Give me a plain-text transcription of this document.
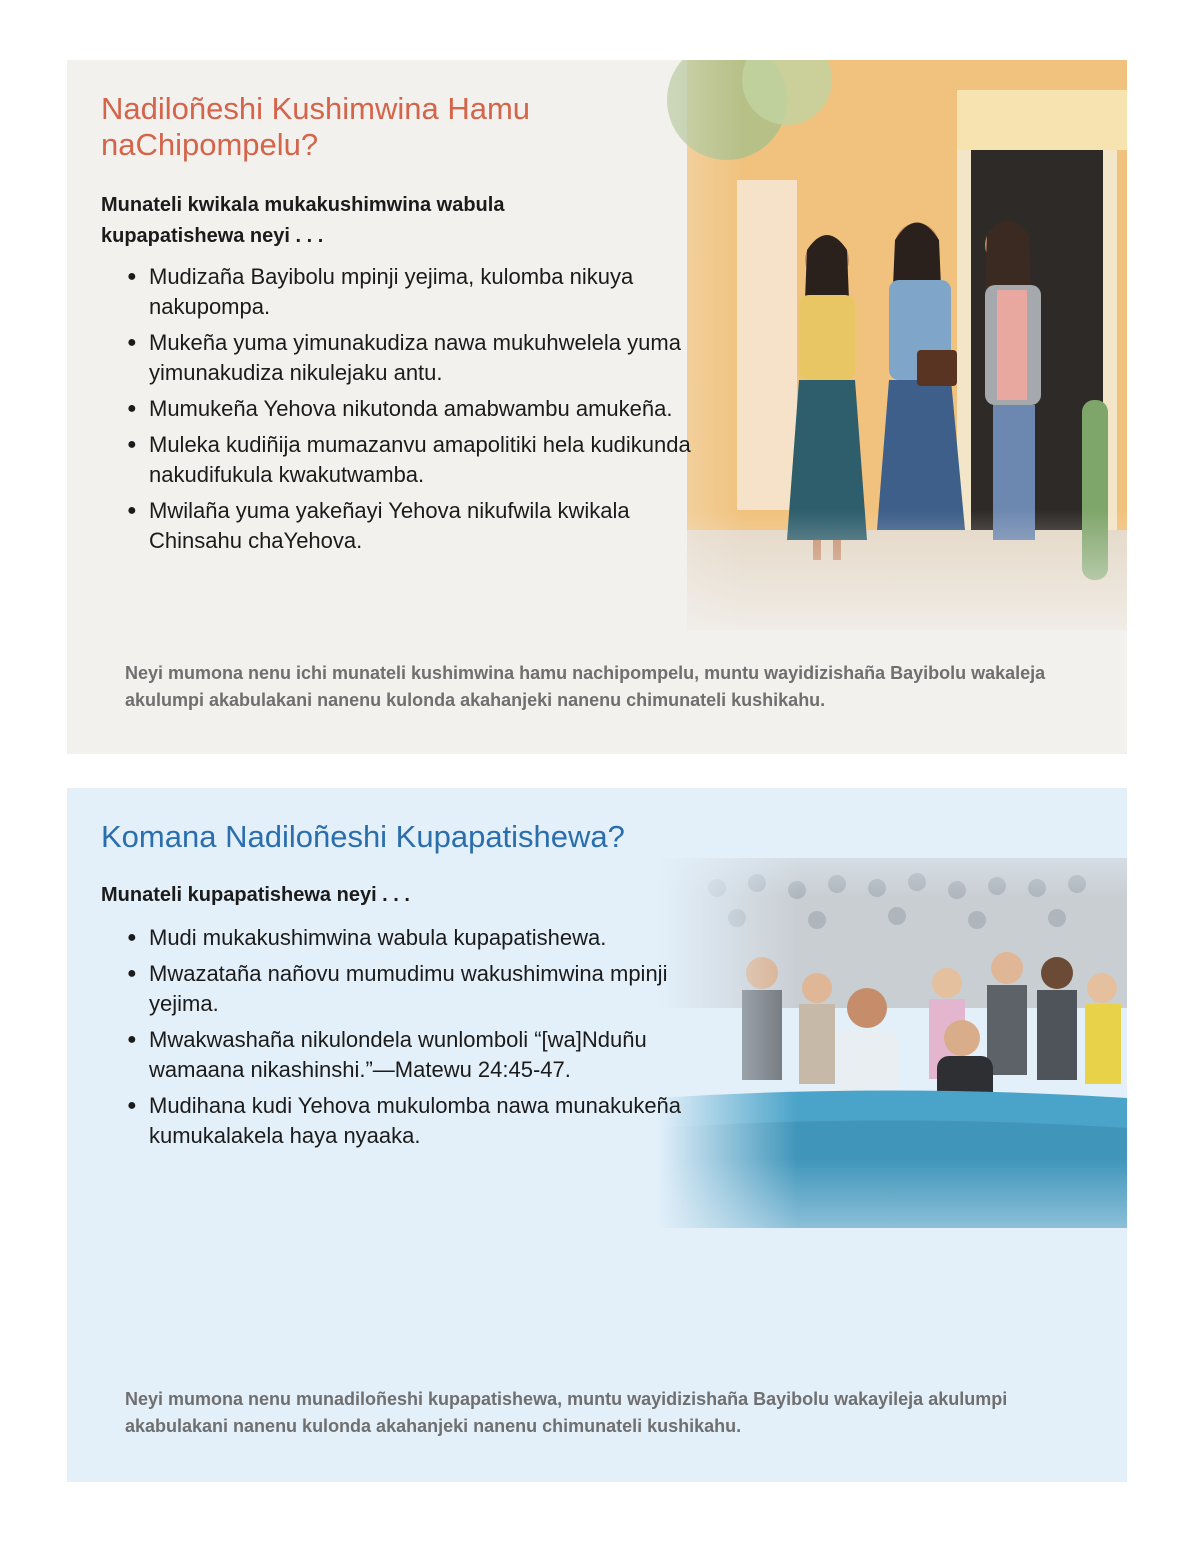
Nadiloñeshi Kushimwina Hamu naChipompelu?

Munateli kwikala mukakushimwina wabula kupapatishewa neyi . . .

● Mudizaña Bayibolu mpinji yejima, kulomba nikuya nakupompa.
● Mukeña yuma yimunakudiza nawa mukuhwelela yuma yimunakudiza nikulejaku antu.
● Mumukeña Yehova nikutonda amabwambu amukeña.
● Muleka kudiñija mumazanvu amapolitiki hela kudikunda nakudifukula kwakutwamba.
● Mwilaña yuma yakeñayi Yehova nikufwila kwikala Chinsahu chaYehova.

Neyi mumona nenu ichi munateli kushimwina hamu nachipompelu, muntu wayidizishaña Bayibolu wakaleja akulumpi akabulakani nanenu kulonda akahanjeki nanenu chimunateli kushikahu.

Komana Nadiloñeshi Kupapatishewa?

Munateli kupapatishewa neyi . . .

● Mudi mukakushimwina wabula kupapatishewa.
● Mwazataña nañovu mumudimu wakushimwina mpinji yejima.
● Mwakwashaña nikulondela wunlomboli “[wa]Nduñu wamaana nikashinshi.”—Matewu 24:45-47.
● Mudihana kudi Yehova mukulomba nawa munakukeña kumukalakela haya nyaaka.

Neyi mumona nenu munadiloñeshi kupapatishewa, muntu wayidizishaña Bayibolu wakayileja akulumpi akabulakani nanenu kulonda akahanjeki nanenu chimunateli kushikahu.
